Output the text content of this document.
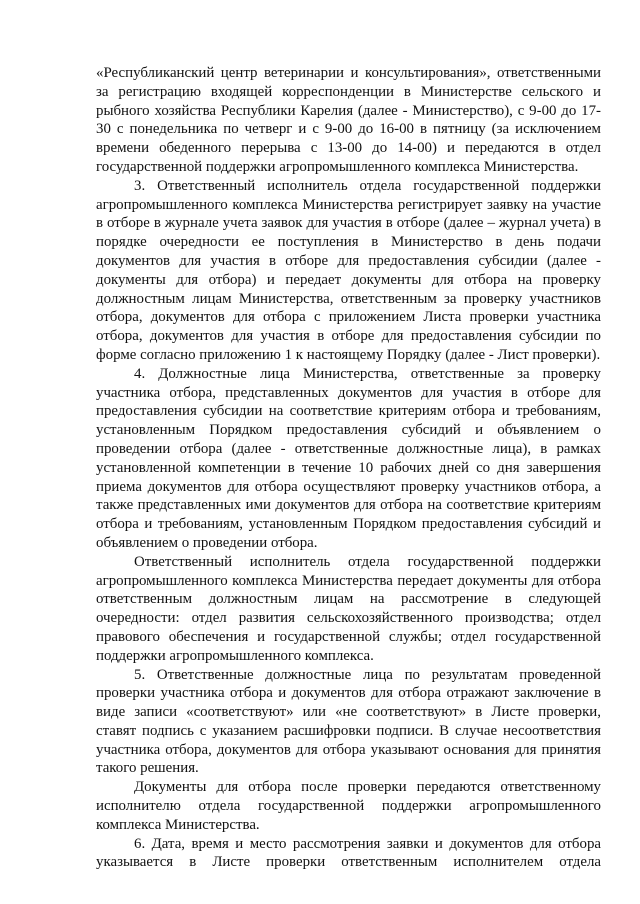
«Республиканский центр ветеринарии и консультирования», ответственными за регистрацию входящей корреспонденции в Министерстве сельского и рыбного хозяйства Республики Карелия (далее - Министерство), с 9-00 до 17-30 с понедельника по четверг и с 9-00 до 16-00 в пятницу (за исключением времени обеденного перерыва с 13-00 до 14-00) и передаются в отдел государственной поддержки агропромышленного комплекса Министерства.

3. Ответственный исполнитель отдела государственной поддержки агропромышленного комплекса Министерства регистрирует заявку на участие в отборе в журнале учета заявок для участия в отборе (далее – журнал учета) в порядке очередности ее поступления в Министерство в день подачи документов для участия в отборе для предоставления субсидии (далее - документы для отбора) и передает документы для отбора на проверку должностным лицам Министерства, ответственным за проверку участников отбора, документов для отбора с приложением Листа проверки участника отбора, документов для участия в отборе для предоставления субсидии по форме согласно приложению 1 к настоящему Порядку (далее - Лист проверки).

4. Должностные лица Министерства, ответственные за проверку участника отбора, представленных документов для участия в отборе для предоставления субсидии на соответствие критериям отбора и требованиям, установленным Порядком предоставления субсидий и объявлением о проведении отбора (далее - ответственные должностные лица), в рамках установленной компетенции в течение 10 рабочих дней со дня завершения приема документов для отбора осуществляют проверку участников отбора, а также представленных ими документов для отбора на соответствие критериям отбора и требованиям, установленным Порядком предоставления субсидий и объявлением о проведении отбора.

Ответственный исполнитель отдела государственной поддержки агропромышленного комплекса Министерства передает документы для отбора ответственным должностным лицам на рассмотрение в следующей очередности: отдел развития сельскохозяйственного производства; отдел правового обеспечения и государственной службы; отдел государственной поддержки агропромышленного комплекса.

5. Ответственные должностные лица по результатам проведенной проверки участника отбора и документов для отбора отражают заключение в виде записи «соответствуют» или «не соответствуют» в Листе проверки, ставят подпись с указанием расшифровки подписи. В случае несоответствия участника отбора, документов для отбора указывают основания для принятия такого решения.

Документы для отбора после проверки передаются ответственному исполнителю отдела государственной поддержки агропромышленного комплекса Министерства.

6. Дата, время и место рассмотрения заявки и документов для отбора указывается в Листе проверки ответственным исполнителем отдела
